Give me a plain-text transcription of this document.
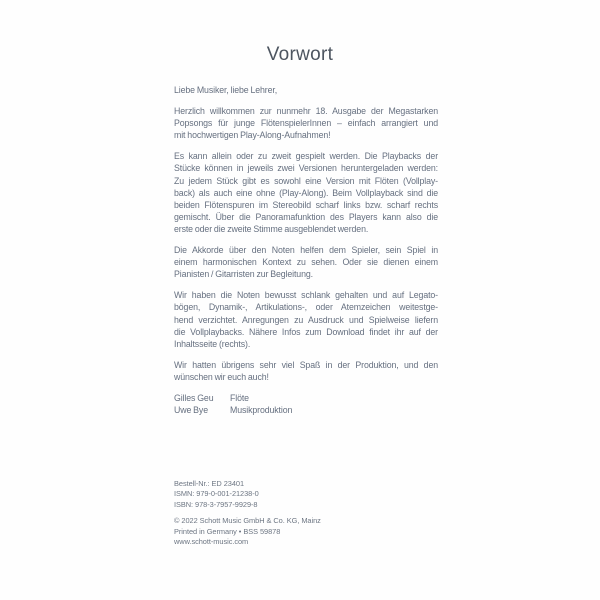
Vorwort
Liebe Musiker, liebe Lehrer,
Herzlich willkommen zur nunmehr 18. Ausgabe der Megastarken
Popsongs für junge FlötenspielerInnen – einfach arrangiert und
mit hochwertigen Play-Along-Aufnahmen!
Es kann allein oder zu zweit gespielt werden. Die Playbacks der
Stücke können in jeweils zwei Versionen heruntergeladen werden:
Zu jedem Stück gibt es sowohl eine Version mit Flöten (Vollplay-
back) als auch eine ohne (Play-Along). Beim Vollplayback sind die
beiden Flötenspuren im Stereobild scharf links bzw. scharf rechts
gemischt. Über die Panoramafunktion des Players kann also die
erste oder die zweite Stimme ausgeblendet werden.
Die Akkorde über den Noten helfen dem Spieler, sein Spiel in
einem harmonischen Kontext zu sehen. Oder sie dienen einem
Pianisten / Gitarristen zur Begleitung.
Wir haben die Noten bewusst schlank gehalten und auf Legato-
bögen, Dynamik-, Artikulations-, oder Atemzeichen weitestge-
hend verzichtet. Anregungen zu Ausdruck und Spielweise liefern
die Vollplaybacks. Nähere Infos zum Download findet ihr auf der
Inhaltsseite (rechts).
Wir hatten übrigens sehr viel Spaß in der Produktion, und den
wünschen wir euch auch!
Gilles Geu	Flöte
Uwe Bye	Musikproduktion
Bestell-Nr.: ED 23401
ISMN: 979-0-001-21238-0
ISBN: 978-3-7957-9929-8
© 2022 Schott Music GmbH & Co. KG, Mainz
Printed in Germany • BSS 59878
www.schott-music.com
